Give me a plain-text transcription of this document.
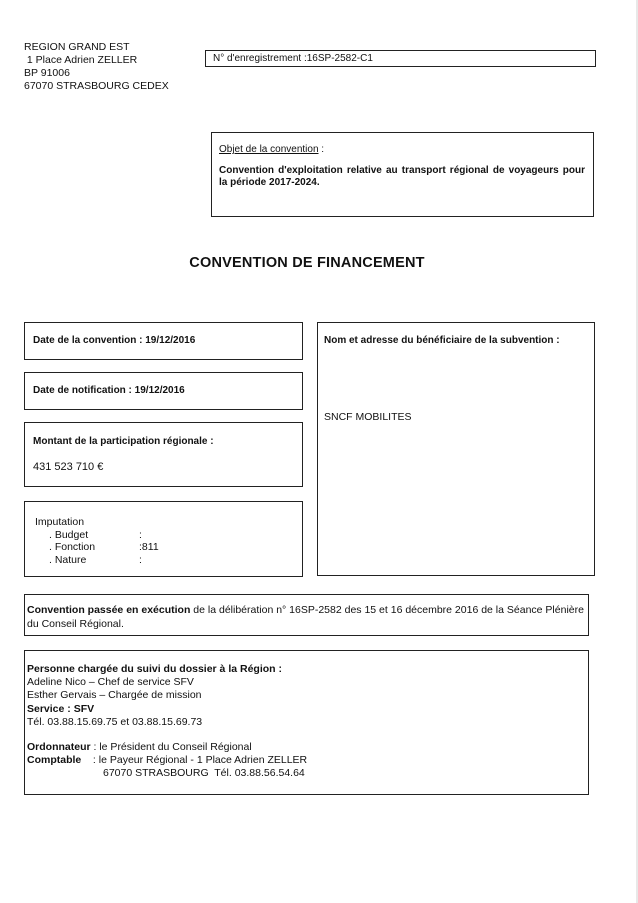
REGION GRAND EST
1 Place Adrien ZELLER
BP 91006
67070 STRASBOURG CEDEX
N° d'enregistrement :16SP-2582-C1
Objet de la convention :
Convention d'exploitation relative au transport régional de voyageurs pour la période 2017-2024.
CONVENTION DE FINANCEMENT
Date de la convention : 19/12/2016
Date de notification : 19/12/2016
Montant de la participation régionale :
431 523 710 €
Imputation
. Budget	:
. Fonction	:811
. Nature	:
Nom et adresse du bénéficiaire de la subvention :
SNCF MOBILITES
Convention passée en exécution de la délibération n° 16SP-2582 des 15 et 16 décembre 2016 de la Séance Plénière du Conseil Régional.
Personne chargée du suivi du dossier à la Région :
Adeline Nico – Chef de service SFV
Esther Gervais – Chargée de mission
Service : SFV
Tél. 03.88.15.69.75 et 03.88.15.69.73
Ordonnateur : le Président du Conseil Régional
Comptable    : le Payeur Régional - 1 Place Adrien ZELLER
67070 STRASBOURG  Tél. 03.88.56.54.64
